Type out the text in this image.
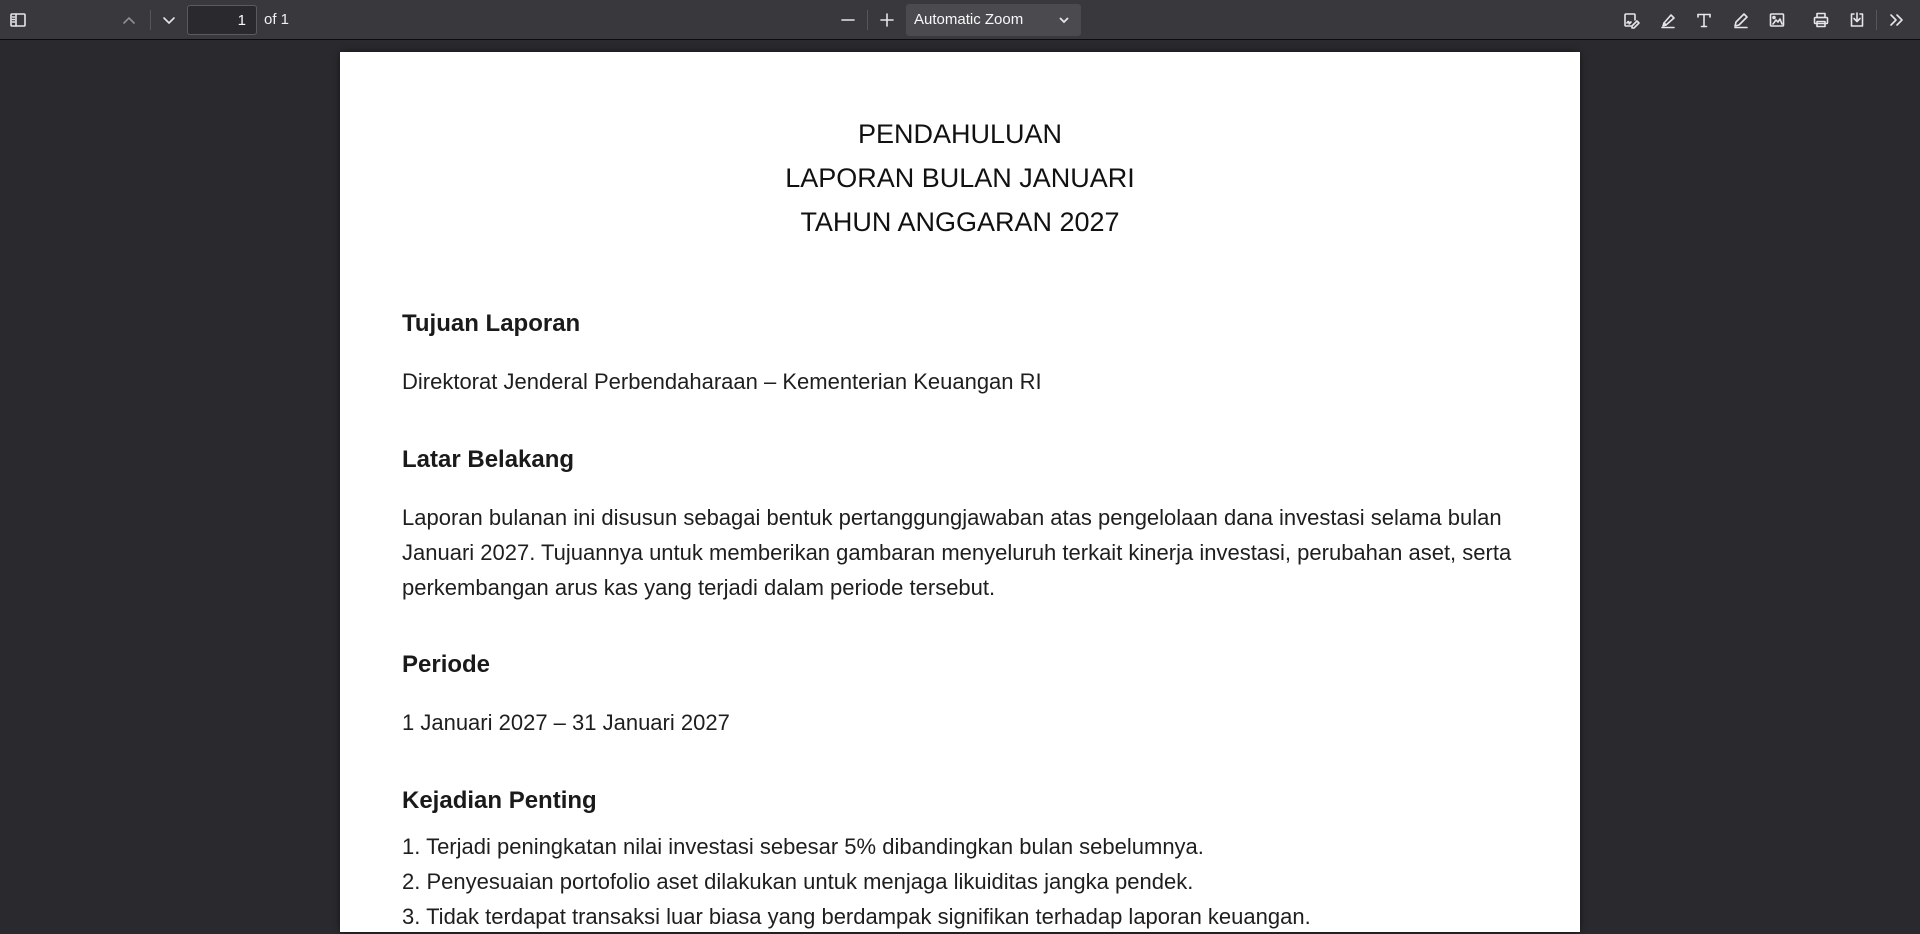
1
of 1	Automatic Zoom
PENDAHULUAN
LAPORAN BULAN JANUARI
TAHUN ANGGARAN 2027
Tujuan Laporan
Direktorat Jenderal Perbendaharaan – Kementerian Keuangan RI
Latar Belakang
Laporan bulanan ini disusun sebagai bentuk pertanggungjawaban atas pengelolaan dana investasi selama bulan Januari 2027. Tujuannya untuk memberikan gambaran menyeluruh terkait kinerja investasi, perubahan aset, serta perkembangan arus kas yang terjadi dalam periode tersebut.
Periode
1 Januari 2027 – 31 Januari 2027
Kejadian Penting
1. Terjadi peningkatan nilai investasi sebesar 5% dibandingkan bulan sebelumnya.
2. Penyesuaian portofolio aset dilakukan untuk menjaga likuiditas jangka pendek.
3. Tidak terdapat transaksi luar biasa yang berdampak signifikan terhadap laporan keuangan.
